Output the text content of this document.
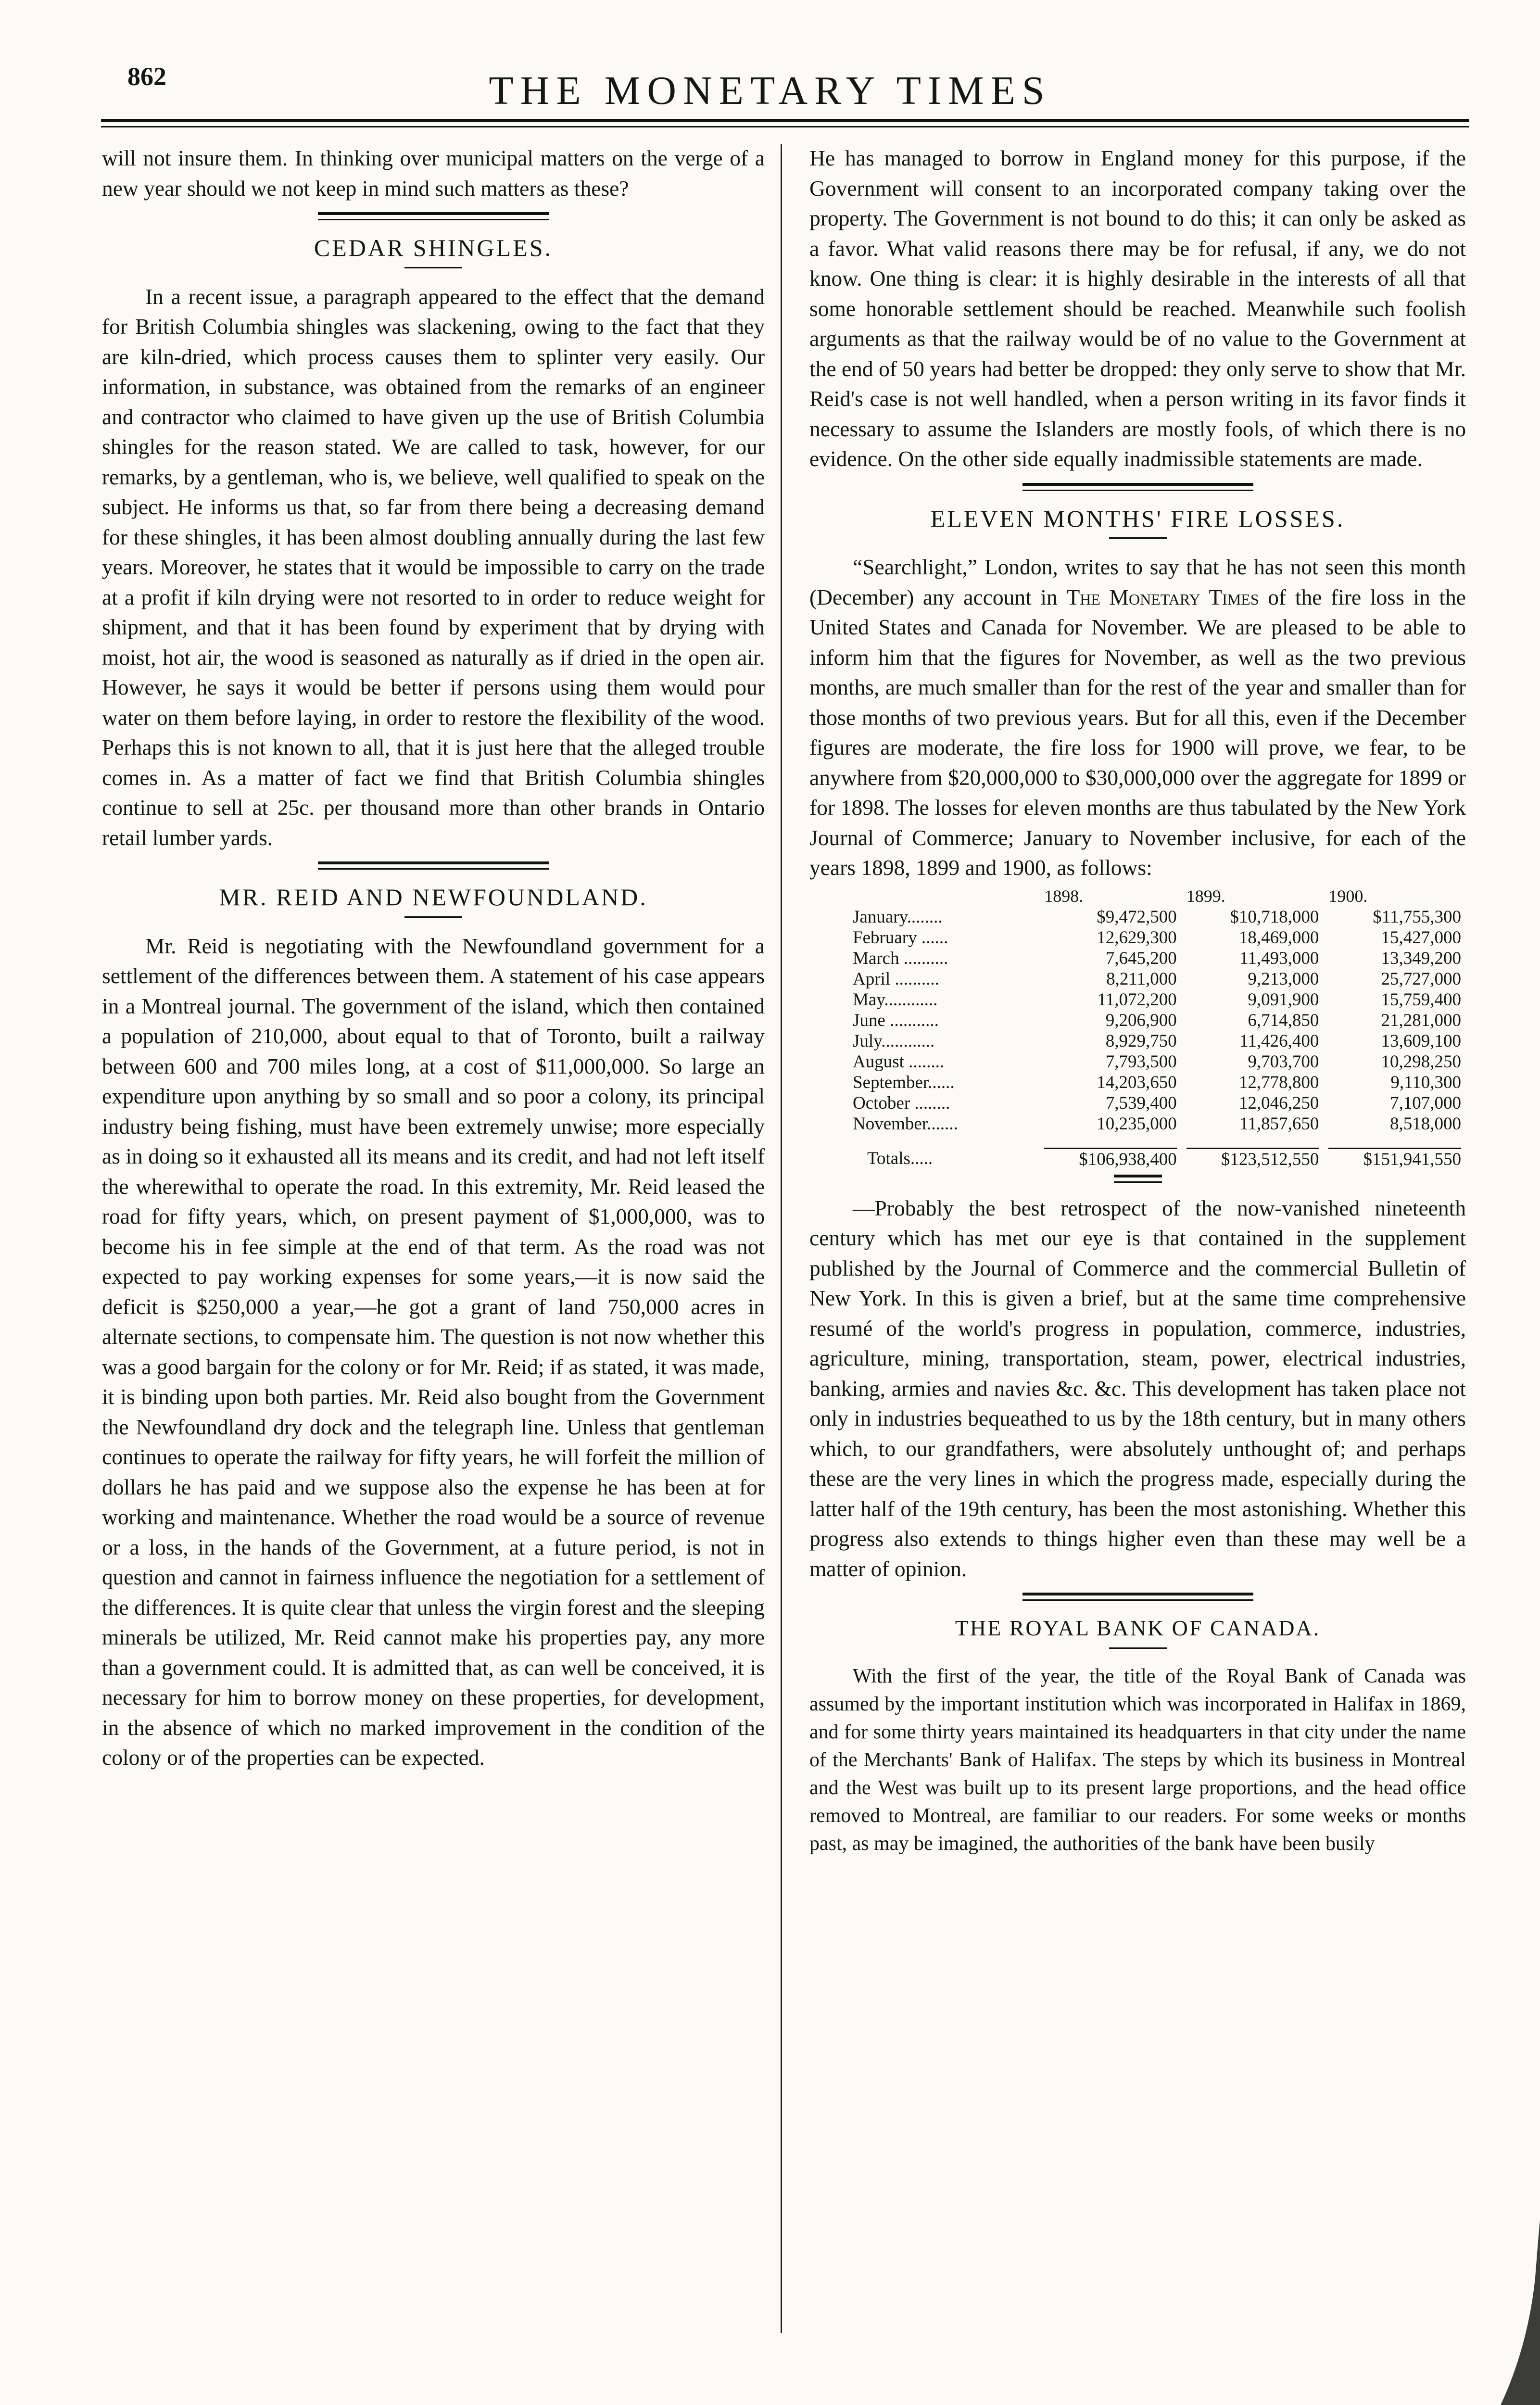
862	THE MONETARY TIMES

will not insure them. In thinking over municipal matters on the verge of a new year should we not keep in mind such matters as these?

CEDAR SHINGLES.

In a recent issue, a paragraph appeared to the effect that the demand for British Columbia shingles was slackening, owing to the fact that they are kiln-dried, which process causes them to splinter very easily. Our information, in substance, was obtained from the remarks of an engineer and contractor who claimed to have given up the use of British Columbia shingles for the reason stated. We are called to task, however, for our remarks, by a gentleman, who is, we believe, well qualified to speak on the subject. He informs us that, so far from there being a decreasing demand for these shingles, it has been almost doubling annually during the last few years. Moreover, he states that it would be impossible to carry on the trade at a profit if kiln drying were not resorted to in order to reduce weight for shipment, and that it has been found by experiment that by drying with moist, hot air, the wood is seasoned as naturally as if dried in the open air. However, he says it would be better if persons using them would pour water on them before laying, in order to restore the flexibility of the wood. Perhaps this is not known to all, that it is just here that the alleged trouble comes in. As a matter of fact we find that British Columbia shingles continue to sell at 25c. per thousand more than other brands in Ontario retail lumber yards.

MR. REID AND NEWFOUNDLAND.

Mr. Reid is negotiating with the Newfoundland government for a settlement of the differences between them. A statement of his case appears in a Montreal journal. The government of the island, which then contained a population of 210,000, about equal to that of Toronto, built a railway between 600 and 700 miles long, at a cost of $11,000,000. So large an expenditure upon anything by so small and so poor a colony, its principal industry being fishing, must have been extremely unwise; more especially as in doing so it exhausted all its means and its credit, and had not left itself the wherewithal to operate the road. In this extremity, Mr. Reid leased the road for fifty years, which, on present payment of $1,000,000, was to become his in fee simple at the end of that term. As the road was not expected to pay working expenses for some years,—it is now said the deficit is $250,000 a year,—he got a grant of land 750,000 acres in alternate sections, to compensate him. The question is not now whether this was a good bargain for the colony or for Mr. Reid; if as stated, it was made, it is binding upon both parties. Mr. Reid also bought from the Government the Newfoundland dry dock and the telegraph line. Unless that gentleman continues to operate the railway for fifty years, he will forfeit the million of dollars he has paid and we suppose also the expense he has been at for working and maintenance. Whether the road would be a source of revenue or a loss, in the hands of the Government, at a future period, is not in question and cannot in fairness influence the negotiation for a settlement of the differences. It is quite clear that unless the virgin forest and the sleeping minerals be utilized, Mr. Reid cannot make his properties pay, any more than a government could. It is admitted that, as can well be conceived, it is necessary for him to borrow money on these properties, for development, in the absence of which no marked improvement in the condition of the colony or of the properties can be expected.

He has managed to borrow in England money for this purpose, if the Government will consent to an incorporated company taking over the property. The Government is not bound to do this; it can only be asked as a favor. What valid reasons there may be for refusal, if any, we do not know. One thing is clear: it is highly desirable in the interests of all that some honorable settlement should be reached. Meanwhile such foolish arguments as that the railway would be of no value to the Government at the end of 50 years had better be dropped: they only serve to show that Mr. Reid's case is not well handled, when a person writing in its favor finds it necessary to assume the Islanders are mostly fools, of which there is no evidence. On the other side equally inadmissible statements are made.

ELEVEN MONTHS' FIRE LOSSES.

“Searchlight,” London, writes to say that he has not seen this month (December) any account in The Monetary Times of the fire loss in the United States and Canada for November. We are pleased to be able to inform him that the figures for November, as well as the two previous months, are much smaller than for the rest of the year and smaller than for those months of two previous years. But for all this, even if the December figures are moderate, the fire loss for 1900 will prove, we fear, to be anywhere from $20,000,000 to $30,000,000 over the aggregate for 1899 or for 1898. The losses for eleven months are thus tabulated by the New York Journal of Commerce; January to November inclusive, for each of the years 1898, 1899 and 1900, as follows:

	1898.	1899.	1900.
January........	$9,472,500	$10,718,000	$11,755,300
February ......	12,629,300	18,469,000	15,427,000
March ..........	7,645,200	11,493,000	13,349,200
April ..........	8,211,000	9,213,000	25,727,000
May............	11,072,200	9,091,900	15,759,400
June ...........	9,206,900	6,714,850	21,281,000
July............	8,929,750	11,426,400	13,609,100
August ........	7,793,500	9,703,700	10,298,250
September......	14,203,650	12,778,800	9,110,300
October ........	7,539,400	12,046,250	7,107,000
November.......	10,235,000	11,857,650	8,518,000
Totals.....	$106,938,400	$123,512,550	$151,941,550

—Probably the best retrospect of the now-vanished nineteenth century which has met our eye is that contained in the supplement published by the Journal of Commerce and the commercial Bulletin of New York. In this is given a brief, but at the same time comprehensive resumé of the world's progress in population, commerce, industries, agriculture, mining, transportation, steam, power, electrical industries, banking, armies and navies &c. &c. This development has taken place not only in industries bequeathed to us by the 18th century, but in many others which, to our grandfathers, were absolutely unthought of; and perhaps these are the very lines in which the progress made, especially during the latter half of the 19th century, has been the most astonishing. Whether this progress also extends to things higher even than these may well be a matter of opinion.

THE ROYAL BANK OF CANADA.

With the first of the year, the title of the Royal Bank of Canada was assumed by the important institution which was incorporated in Halifax in 1869, and for some thirty years maintained its headquarters in that city under the name of the Merchants' Bank of Halifax. The steps by which its business in Montreal and the West was built up to its present large proportions, and the head office removed to Montreal, are familiar to our readers. For some weeks or months past, as may be imagined, the authorities of the bank have been busily
